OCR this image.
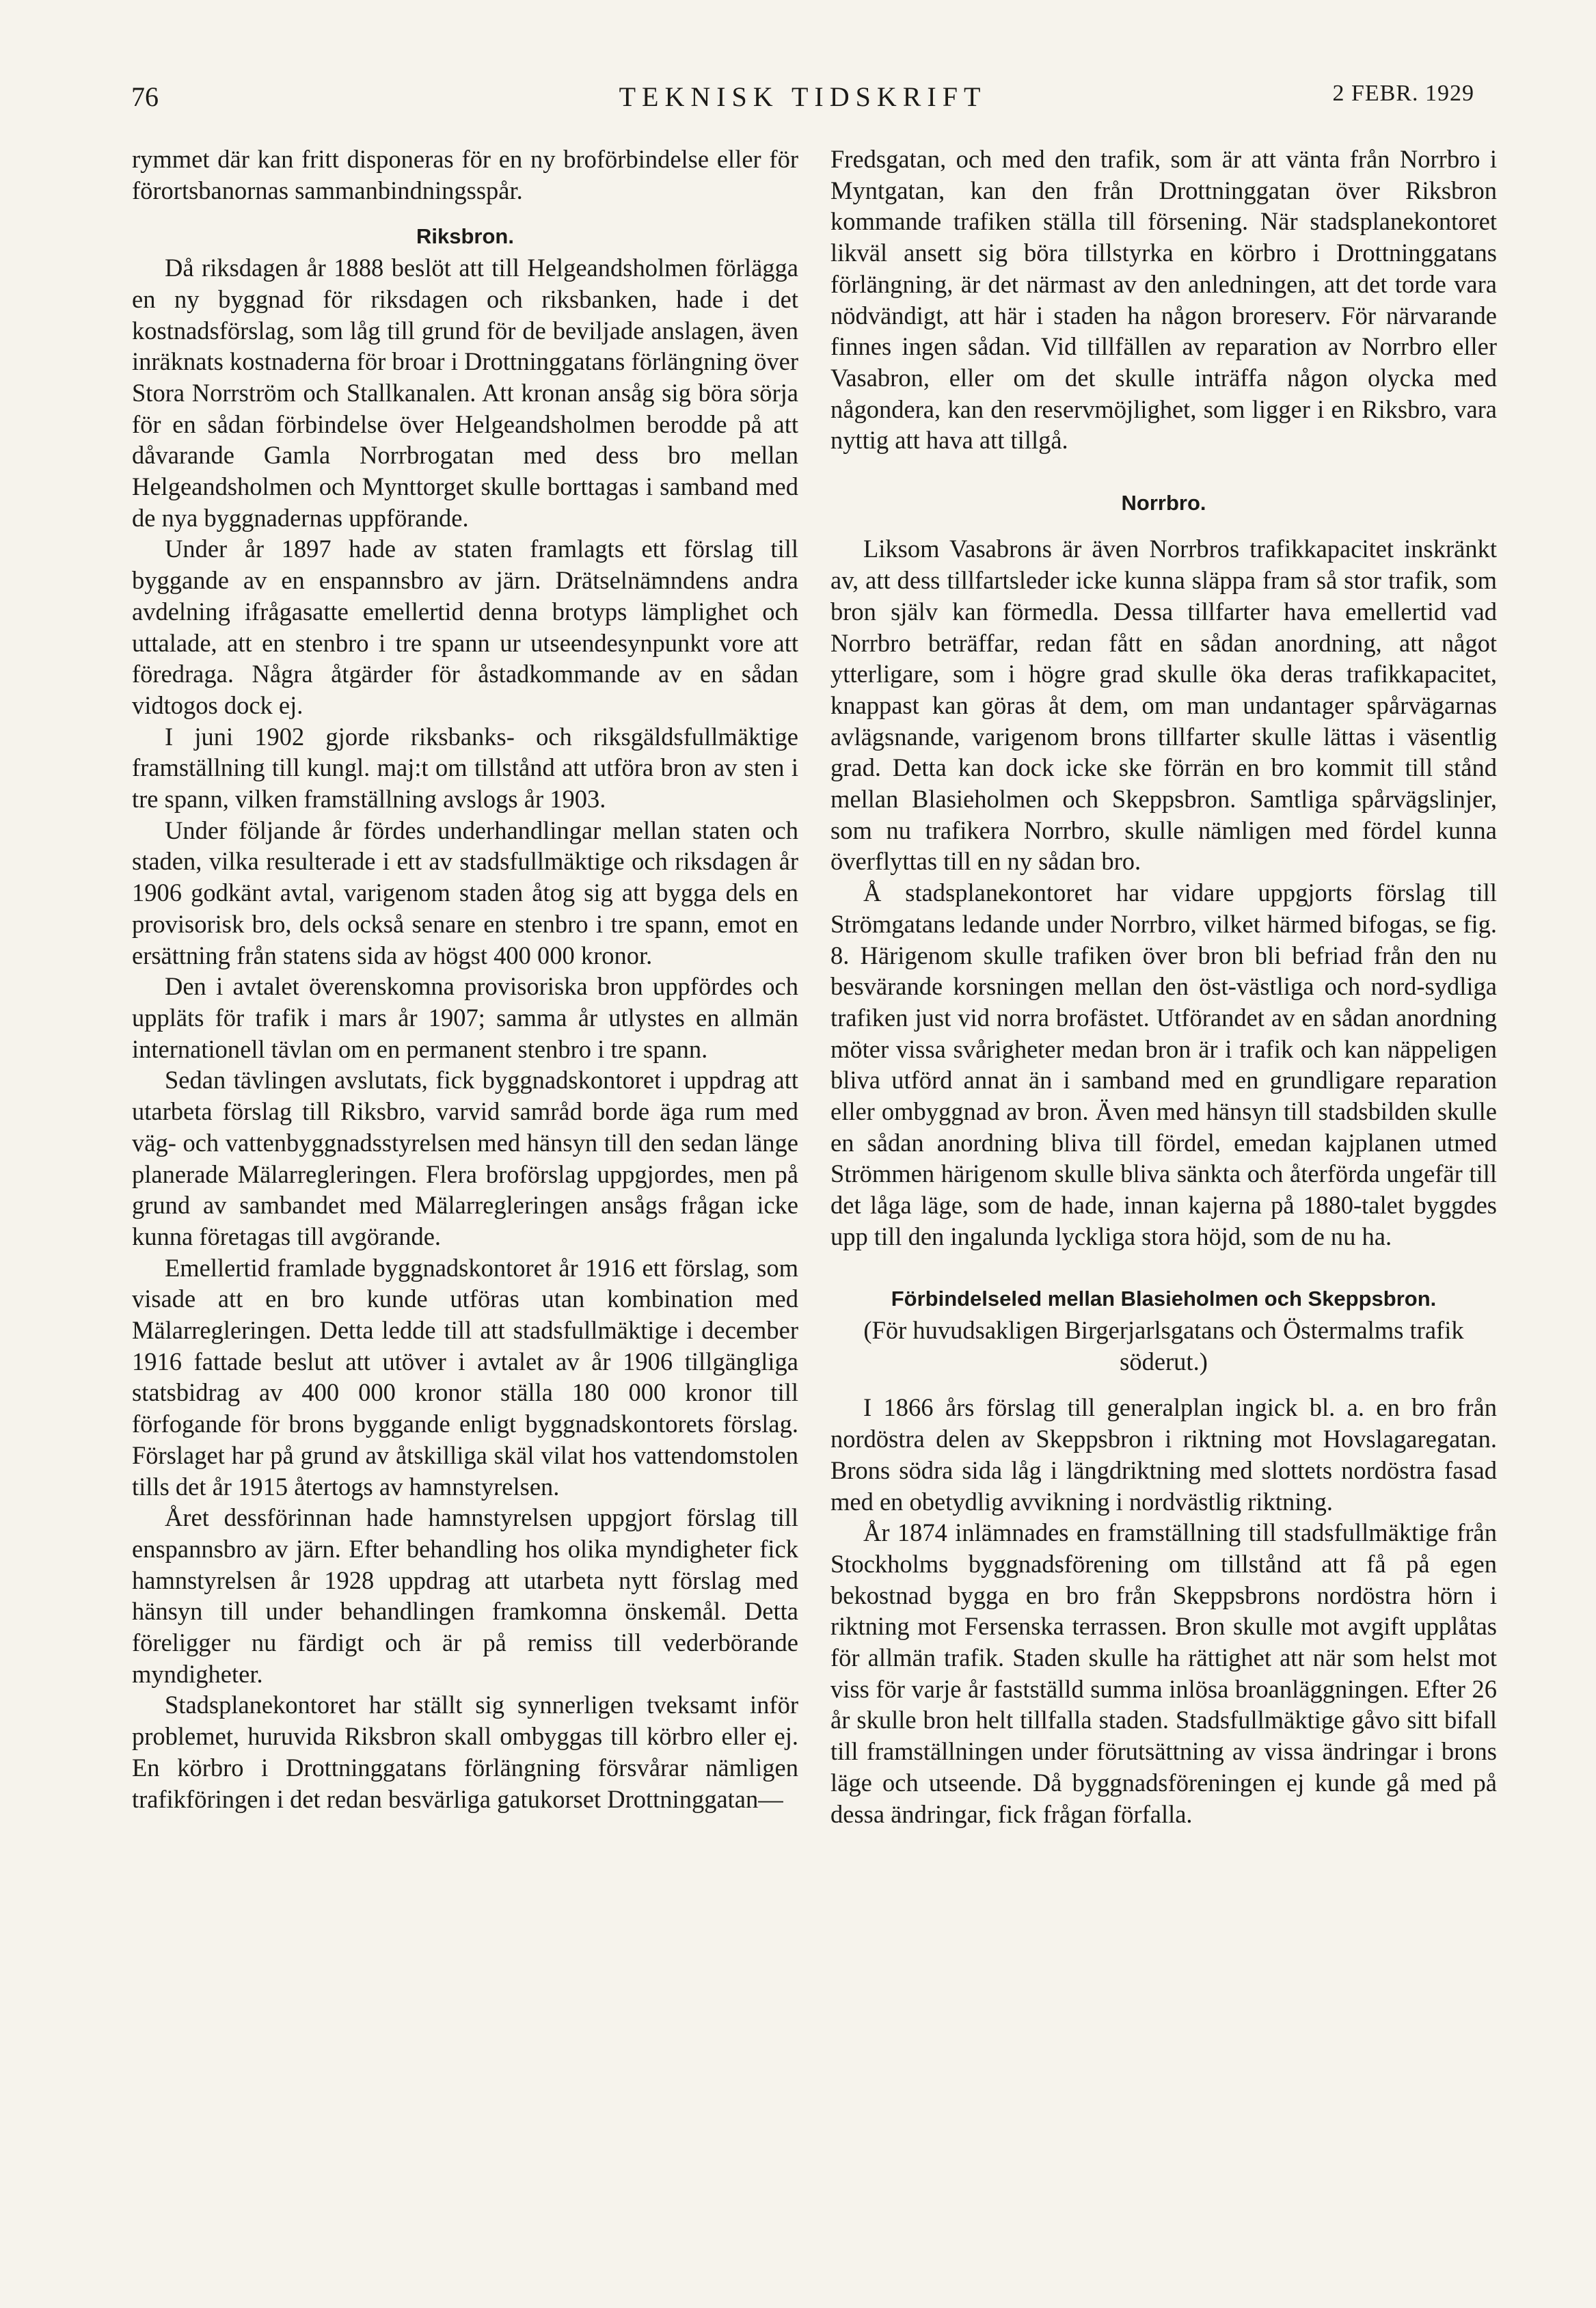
76	TEKNISK TIDSKRIFT	2 FEBR. 1929

rymmet där kan fritt disponeras för en ny broförbindelse eller för förortsbanornas sammanbindningsspår.

Riksbron.

Då riksdagen år 1888 beslöt att till Helgeandsholmen förlägga en ny byggnad för riksdagen och riksbanken, hade i det kostnadsförslag, som låg till grund för de beviljade anslagen, även inräknats kostnaderna för broar i Drottninggatans förlängning över Stora Norrström och Stallkanalen. Att kronan ansåg sig böra sörja för en sådan förbindelse över Helgeandsholmen berodde på att dåvarande Gamla Norrbrogatan med dess bro mellan Helgeandsholmen och Mynttorget skulle borttagas i samband med de nya byggnadernas uppförande.

Under år 1897 hade av staten framlagts ett förslag till byggande av en enspannsbro av järn. Drätselnämndens andra avdelning ifrågasatte emellertid denna brotyps lämplighet och uttalade, att en stenbro i tre spann ur utseendesynpunkt vore att föredraga. Några åtgärder för åstadkommande av en sådan vidtogos dock ej.

I juni 1902 gjorde riksbanks- och riksgäldsfullmäktige framställning till kungl. maj:t om tillstånd att utföra bron av sten i tre spann, vilken framställning avslogs år 1903.

Under följande år fördes underhandlingar mellan staten och staden, vilka resulterade i ett av stadsfullmäktige och riksdagen år 1906 godkänt avtal, varigenom staden åtog sig att bygga dels en provisorisk bro, dels också senare en stenbro i tre spann, emot en ersättning från statens sida av högst 400 000 kronor.

Den i avtalet överenskomna provisoriska bron uppfördes och uppläts för trafik i mars år 1907; samma år utlystes en allmän internationell tävlan om en permanent stenbro i tre spann.

Sedan tävlingen avslutats, fick byggnadskontoret i uppdrag att utarbeta förslag till Riksbro, varvid samråd borde äga rum med väg- och vattenbyggnadsstyrelsen med hänsyn till den sedan länge planerade Mälarregleringen. Flera broförslag uppgjordes, men på grund av sambandet med Mälarregleringen ansågs frågan icke kunna företagas till avgörande.

Emellertid framlade byggnadskontoret år 1916 ett förslag, som visade att en bro kunde utföras utan kombination med Mälarregleringen. Detta ledde till att stadsfullmäktige i december 1916 fattade beslut att utöver i avtalet av år 1906 tillgängliga statsbidrag av 400 000 kronor ställa 180 000 kronor till förfogande för brons byggande enligt byggnadskontorets förslag. Förslaget har på grund av åtskilliga skäl vilat hos vattendomstolen tills det år 1915 återtogs av hamnstyrelsen.

Året dessförinnan hade hamnstyrelsen uppgjort förslag till enspannsbro av järn. Efter behandling hos olika myndigheter fick hamnstyrelsen år 1928 uppdrag att utarbeta nytt förslag med hänsyn till under behandlingen framkomna önskemål. Detta föreligger nu färdigt och är på remiss till vederbörande myndigheter.

Stadsplanekontoret har ställt sig synnerligen tveksamt inför problemet, huruvida Riksbron skall ombyggas till körbro eller ej. En körbro i Drottninggatans förlängning försvårar nämligen trafikföringen i det redan besvärliga gatukorset Drottninggatan—

Fredsgatan, och med den trafik, som är att vänta från Norrbro i Myntgatan, kan den från Drottninggatan över Riksbron kommande trafiken ställa till försening. När stadsplanekontoret likväl ansett sig böra tillstyrka en körbro i Drottninggatans förlängning, är det närmast av den anledningen, att det torde vara nödvändigt, att här i staden ha någon broreserv. För närvarande finnes ingen sådan. Vid tillfällen av reparation av Norrbro eller Vasabron, eller om det skulle inträffa någon olycka med någondera, kan den reservmöjlighet, som ligger i en Riksbro, vara nyttig att hava att tillgå.

Norrbro.

Liksom Vasabrons är även Norrbros trafikkapacitet inskränkt av, att dess tillfartsleder icke kunna släppa fram så stor trafik, som bron själv kan förmedla. Dessa tillfarter hava emellertid vad Norrbro beträffar, redan fått en sådan anordning, att något ytterligare, som i högre grad skulle öka deras trafikkapacitet, knappast kan göras åt dem, om man undantager spårvägarnas avlägsnande, varigenom brons tillfarter skulle lättas i väsentlig grad. Detta kan dock icke ske förrän en bro kommit till stånd mellan Blasieholmen och Skeppsbron. Samtliga spårvägslinjer, som nu trafikera Norrbro, skulle nämligen med fördel kunna överflyttas till en ny sådan bro.

Å stadsplanekontoret har vidare uppgjorts förslag till Strömgatans ledande under Norrbro, vilket härmed bifogas, se fig. 8. Härigenom skulle trafiken över bron bli befriad från den nu besvärande korsningen mellan den öst-västliga och nord-sydliga trafiken just vid norra brofästet. Utförandet av en sådan anordning möter vissa svårigheter medan bron är i trafik och kan näppeligen bliva utförd annat än i samband med en grundligare reparation eller ombyggnad av bron. Även med hänsyn till stadsbilden skulle en sådan anordning bliva till fördel, emedan kajplanen utmed Strömmen härigenom skulle bliva sänkta och återförda ungefär till det låga läge, som de hade, innan kajerna på 1880-talet byggdes upp till den ingalunda lyckliga stora höjd, som de nu ha.

Förbindelseled mellan Blasieholmen och Skeppsbron.

(För huvudsakligen Birgerjarlsgatans och Östermalms trafik söderut.)

I 1866 års förslag till generalplan ingick bl. a. en bro från nordöstra delen av Skeppsbron i riktning mot Hovslagaregatan. Brons södra sida låg i längdriktning med slottets nordöstra fasad med en obetydlig avvikning i nordvästlig riktning.

År 1874 inlämnades en framställning till stadsfullmäktige från Stockholms byggnadsförening om tillstånd att få på egen bekostnad bygga en bro från Skeppsbrons nordöstra hörn i riktning mot Fersenska terrassen. Bron skulle mot avgift upplåtas för allmän trafik. Staden skulle ha rättighet att när som helst mot viss för varje år fastställd summa inlösa broanläggningen. Efter 26 år skulle bron helt tillfalla staden. Stadsfullmäktige gåvo sitt bifall till framställningen under förutsättning av vissa ändringar i brons läge och utseende. Då byggnadsföreningen ej kunde gå med på dessa ändringar, fick frågan förfalla.
